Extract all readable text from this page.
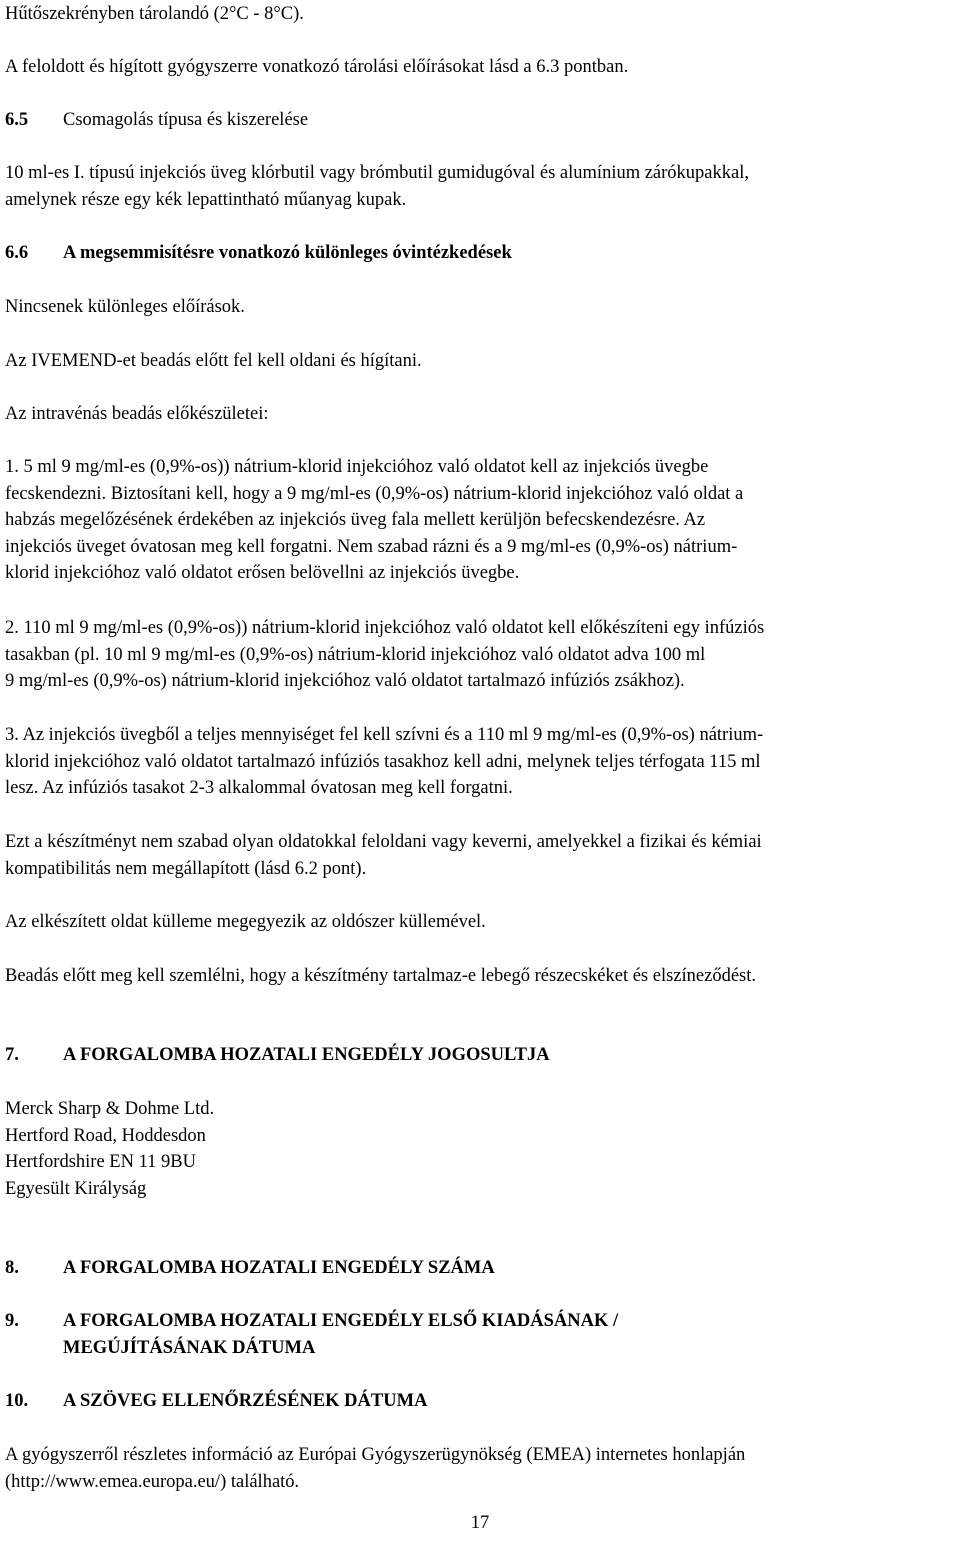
Hűtőszekrényben tárolandó (2°C - 8°C).
A feloldott és hígított gyógyszerre vonatkozó tárolási előírásokat lásd a 6.3 pontban.
6.5	Csomagolás típusa és kiszerelése
10 ml-es I. típusú injekciós üveg klórbutil vagy brómbutil gumidugóval és alumínium zárókupakkal,
amelynek része egy kék lepattintható műanyag kupak.
6.6	A megsemmisítésre vonatkozó különleges óvintézkedések
Nincsenek különleges előírások.
Az IVEMEND-et beadás előtt fel kell oldani és hígítani.
Az intravénás beadás előkészületei:
1. 5 ml 9 mg/ml-es (0,9%-os)) nátrium-klorid injekcióhoz való oldatot kell az injekciós üvegbe
fecskendezni. Biztosítani kell, hogy a 9 mg/ml-es (0,9%-os) nátrium-klorid injekcióhoz való oldat a
habzás megelőzésének érdekében az injekciós üveg fala mellett kerüljön befecskendezésre. Az
injekciós üveget óvatosan meg kell forgatni. Nem szabad rázni és a 9 mg/ml-es (0,9%-os) nátrium-
klorid injekcióhoz való oldatot erősen belövellni az injekciós üvegbe.
2. 110 ml 9 mg/ml-es (0,9%-os)) nátrium-klorid injekcióhoz való oldatot kell előkészíteni egy infúziós
tasakban (pl. 10 ml 9 mg/ml-es (0,9%-os) nátrium-klorid injekcióhoz való oldatot adva 100 ml
9 mg/ml-es (0,9%-os) nátrium-klorid injekcióhoz való oldatot tartalmazó infúziós zsákhoz).
3. Az injekciós üvegből a teljes mennyiséget fel kell szívni és a 110 ml 9 mg/ml-es (0,9%-os) nátrium-
klorid injekcióhoz való oldatot tartalmazó infúziós tasakhoz kell adni, melynek teljes térfogata 115 ml
lesz. Az infúziós tasakot 2-3 alkalommal óvatosan meg kell forgatni.
Ezt a készítményt nem szabad olyan oldatokkal feloldani vagy keverni, amelyekkel a fizikai és kémiai
kompatibilitás nem megállapított (lásd 6.2 pont).
Az elkészített oldat külleme megegyezik az oldószer küllemével.
Beadás előtt meg kell szemlélni, hogy a készítmény tartalmaz-e lebegő részecskéket és elszíneződést.
7.	A FORGALOMBA HOZATALI ENGEDÉLY JOGOSULTJA
Merck Sharp & Dohme Ltd.
Hertford Road, Hoddesdon
Hertfordshire EN 11 9BU
Egyesült Királyság
8.	A FORGALOMBA HOZATALI ENGEDÉLY SZÁMA
9.	A FORGALOMBA HOZATALI ENGEDÉLY ELSŐ KIADÁSÁNAK /
MEGÚJÍTÁSÁNAK DÁTUMA
10.	A SZÖVEG ELLENŐRZÉSÉNEK DÁTUMA
A gyógyszerről részletes információ az Európai Gyógyszerügynökség (EMEA) internetes honlapján
(http://www.emea.europa.eu/) található.
17
